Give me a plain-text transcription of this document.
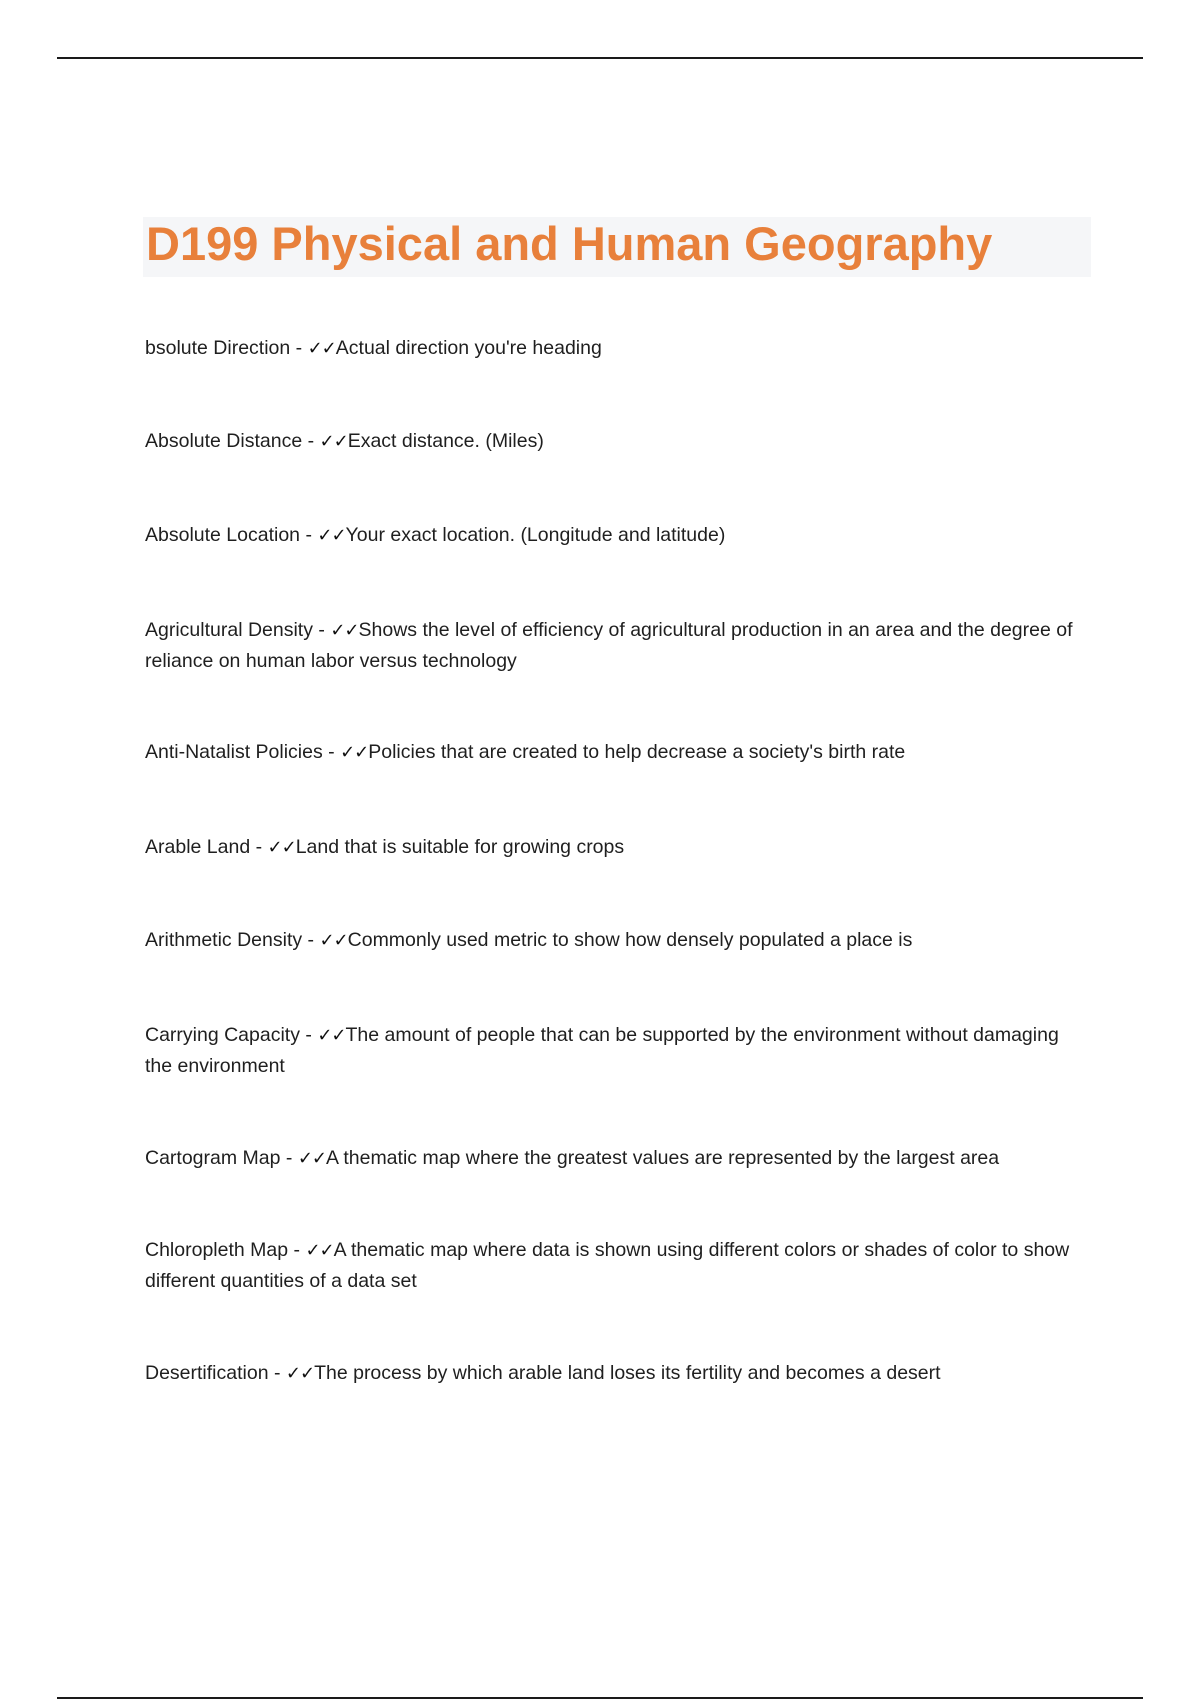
D199 Physical and Human Geography
bsolute Direction - ✓✓Actual direction you're heading
Absolute Distance - ✓✓Exact distance. (Miles)
Absolute Location - ✓✓Your exact location. (Longitude and latitude)
Agricultural Density - ✓✓Shows the level of efficiency of agricultural production in an area and the degree of reliance on human labor versus technology
Anti-Natalist Policies - ✓✓Policies that are created to help decrease a society's birth rate
Arable Land - ✓✓Land that is suitable for growing crops
Arithmetic Density - ✓✓Commonly used metric to show how densely populated a place is
Carrying Capacity - ✓✓The amount of people that can be supported by the environment without damaging the environment
Cartogram Map - ✓✓A thematic map where the greatest values are represented by the largest area
Chloropleth Map - ✓✓A thematic map where data is shown using different colors or shades of color to show different quantities of a data set
Desertification - ✓✓The process by which arable land loses its fertility and becomes a desert
